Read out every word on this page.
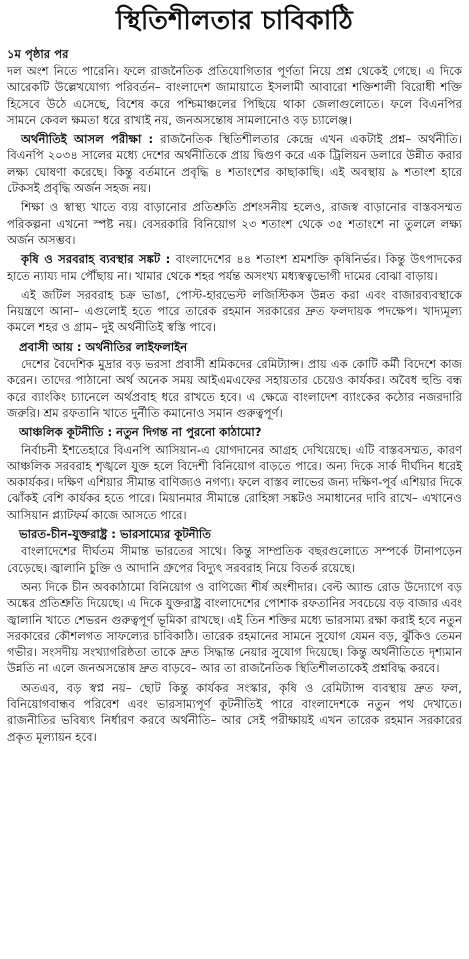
স্থিতিশীলতার চাবিকাঠি
১ম পৃষ্ঠার পর

দল অংশ নিতে পারেনি। ফলে রাজনৈতিক প্রতিযোগিতার পূর্ণতা নিয়ে প্রশ্ন থেকেই গেছে। এ দিকে আরেকটি উল্লেখযোগ্য পরিবর্তন– বাংলাদেশ জামায়াতে ইসলামী আবারো শক্তিশালী বিরোধী শক্তি হিসেবে উঠে এসেছে, বিশেষ করে পশ্চিমাঞ্চলের পিছিয়ে থাকা জেলাগুলোতে। ফলে বিএনপির সামনে কেবল ক্ষমতা ধরে রাখাই নয়, জনঅসন্তোষ সামলানোও বড় চ্যালেঞ্জ।

অর্থনীতিই আসল পরীক্ষা : রাজনৈতিক স্থিতিশীলতার কেন্দ্রে এখন একটাই প্রশ্ন– অর্থনীতি। বিএনপি ২০৩৪ সালের মধ্যে দেশের অর্থনীতিকে প্রায় দ্বিগুণ করে এক ট্রিলিয়ন ডলারে উন্নীত করার লক্ষ্য ঘোষণা করেছে। কিন্তু বর্তমানে প্রবৃদ্ধি ৪ শতাংশের কাছাকাছি। এই অবস্থায় ৯ শতাংশ হারে টেকসই প্রবৃদ্ধি অর্জন সহজ নয়।

শিক্ষা ও স্বাস্থ্য খাতে ব্যয় বাড়ানোর প্রতিশ্রুতি প্রশংসনীয় হলেও, রাজস্ব বাড়ানোর বাস্তবসম্মত পরিকল্পনা এখনো স্পষ্ট নয়। বেসরকারি বিনিয়োগ ২৩ শতাংশ থেকে ৩৫ শতাংশে না তুললে লক্ষ্য অর্জন অসম্ভব।

কৃষি ও সরবরাহ ব্যবস্থার সঙ্কট : বাংলাদেশের ৪৪ শতাংশ শ্রমশক্তি কৃষিনির্ভর। কিন্তু উৎপাদকের হাতে ন্যায্য দাম পৌঁছায় না। খামার থেকে শহর পর্যন্ত অসংখ্য মধ্যস্বত্বভোগী দামের বোঝা বাড়ায়।

এই জটিল সরবরাহ চক্র ভাঙা, পোস্ট-হারভেস্ট লজিস্টিকস উন্নত করা এবং বাজারব্যবস্থাকে নিয়ন্ত্রণে আনা– এগুলোই হতে পারে তারেক রহমান সরকারের দ্রুত ফলদায়ক পদক্ষেপ। খাদ্যমূল্য কমলে শহর ও গ্রাম– দুই অর্থনীতিই স্বস্তি পাবে।

প্রবাসী আয় : অর্থনীতির লাইফলাইন

দেশের বৈদেশিক মুদ্রার বড় ভরসা প্রবাসী শ্রমিকদের রেমিট্যান্স। প্রায় এক কোটি কর্মী বিদেশে কাজ করেন। তাদের পাঠানো অর্থ অনেক সময় আইএমএফের সহায়তার চেয়েও কার্যকর। অবৈধ হুন্ডি বন্ধ করে ব্যাংকিং চ্যানেলে অর্থপ্রবাহ ধরে রাখতে হবে। এ ক্ষেত্রে বাংলাদেশ ব্যাংকের কঠোর নজরদারি জরুরি। শ্রম রফতানি খাতে দুর্নীতি কমানোও সমান গুরুত্বপূর্ণ।

আঞ্চলিক কূটনীতি : নতুন দিগন্ত না পুরনো কাঠামো?

নির্বাচনী ইশতেহারে বিএনপি আসিয়ান-এ যোগদানের আগ্রহ দেখিয়েছে। এটি বাস্তবসম্মত, কারণ আঞ্চলিক সরবরাহ শৃঙ্খলে যুক্ত হলে বিদেশী বিনিয়োগ বাড়তে পারে। অন্য দিকে সার্ক দীর্ঘদিন ধরেই অকার্যকর। দক্ষিণ এশিয়ার সীমান্ত বাণিজ্যও নগণ্য। ফলে বাস্তব লাভের জন্য দক্ষিণ-পূর্ব এশিয়ার দিকে ঝোঁকই বেশি কার্যকর হতে পারে। মিয়ানমার সীমান্তে রোহিঙ্গা সঙ্কটও সমাধানের দাবি রাখে– এখানেও আসিয়ান প্ল্যাটফর্ম কাজে আসতে পারে।

ভারত-চীন-যুক্তরাষ্ট্র : ভারসাম্যের কূটনীতি

বাংলাদেশের দীর্ঘতম সীমান্ত ভারতের সাথে। কিন্তু সাম্প্রতিক বছরগুলোতে সম্পর্কে টানাপড়েন বেড়েছে। জ্বালানি চুক্তি ও আদানি গ্রুপের বিদ্যুৎ সরবরাহ নিয়ে বিতর্ক রয়েছে।

অন্য দিকে চীন অবকাঠামো বিনিয়োগ ও বাণিজ্যে শীর্ষ অংশীদার। বেল্ট অ্যান্ড রোড উদ্যোগে বড় অঙ্কের প্রতিশ্রুতি দিয়েছে। এ দিকে যুক্তরাষ্ট্র বাংলাদেশের পোশাক রফতানির সবচেয়ে বড় বাজার এবং জ্বালানি খাতে শেভরন গুরুত্বপূর্ণ ভূমিকা রাখছে। এই তিন শক্তির মধ্যে ভারসাম্য রক্ষা করাই হবে নতুন সরকারের কৌশলগত সাফল্যের চাবিকাঠি। তারেক রহমানের সামনে সুযোগ যেমন বড়, ঝুঁকিও তেমন গভীর। সংসদীয় সংখ্যাগরিষ্ঠতা তাকে দ্রুত সিদ্ধান্ত নেয়ার সুযোগ দিয়েছে। কিন্তু অর্থনীতিতে দৃশ্যমান উন্নতি না এলে জনঅসন্তোষ দ্রুত বাড়বে– আর তা রাজনৈতিক স্থিতিশীলতাকেই প্রশ্নবিদ্ধ করবে।

অতএব, বড় স্বপ্ন নয়– ছোট কিন্তু কার্যকর সংস্কার, কৃষি ও রেমিট্যান্স ব্যবস্থায় দ্রুত ফল, বিনিয়োগবান্ধব পরিবেশ এবং ভারসাম্যপূর্ণ কূটনীতিই পারে বাংলাদেশকে নতুন পথ দেখাতে। রাজনীতির ভবিষ্যৎ নির্ধারণ করবে অর্থনীতি– আর সেই পরীক্ষায়ই এখন তারেক রহমান সরকারের প্রকৃত মূল্যায়ন হবে।
